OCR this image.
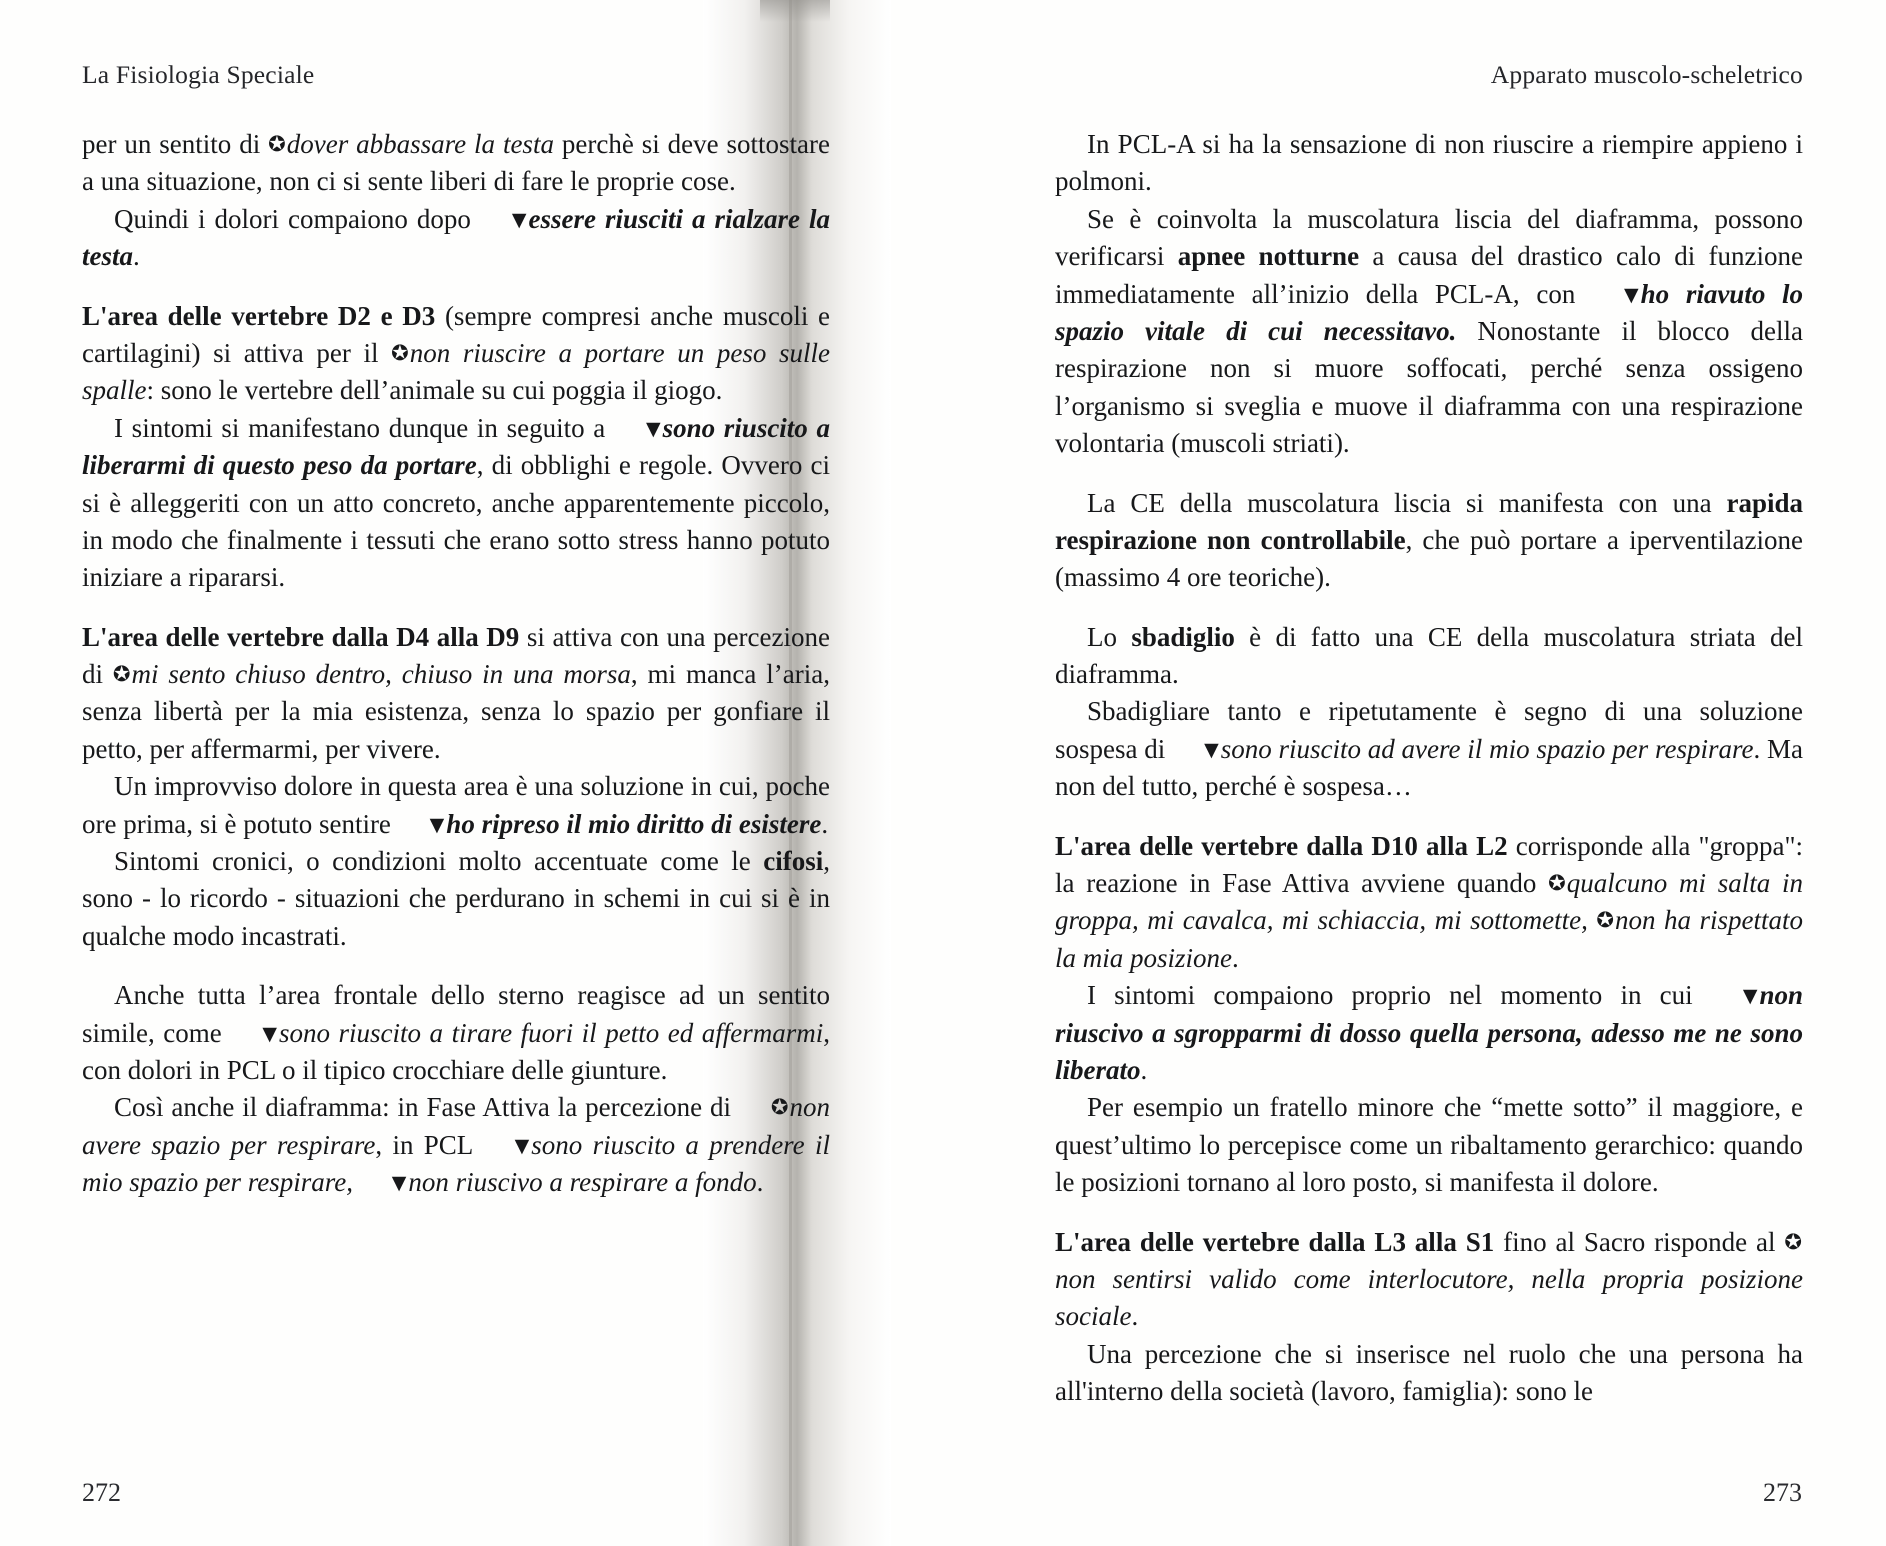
La Fisiologia Speciale

per un sentito di ✪dover abbassare la testa perchè si deve sottostare a una situazione, non ci si sente liberi di fare le proprie cose.

Quindi i dolori compaiono dopo ▼essere riusciti a rialzare la testa.

L'area delle vertebre D2 e D3 (sempre compresi anche muscoli e cartilagini) si attiva per il ✪non riuscire a portare un peso sulle spalle: sono le vertebre dell’animale su cui poggia il giogo.

I sintomi si manifestano dunque in seguito a ▼sono riuscito a liberarmi di questo peso da portare, di obblighi e regole. Ovvero ci si è alleggeriti con un atto concreto, anche apparentemente piccolo, in modo che finalmente i tessuti che erano sotto stress hanno potuto iniziare a ripararsi.

L'area delle vertebre dalla D4 alla D9 si attiva con una percezione di ✪mi sento chiuso dentro, chiuso in una morsa, mi manca l’aria, senza libertà per la mia esistenza, senza lo spazio per gonfiare il petto, per affermarmi, per vivere.

Un improvviso dolore in questa area è una soluzione in cui, poche ore prima, si è potuto sentire ▼ho ripreso il mio diritto di esistere.

Sintomi cronici, o condizioni molto accentuate come le cifosi, sono - lo ricordo - situazioni che perdurano in schemi in cui si è in qualche modo incastrati.

Anche tutta l’area frontale dello sterno reagisce ad un sentito simile, come ▼sono riuscito a tirare fuori il petto ed affermarmi, con dolori in PCL o il tipico crocchiare delle giunture.

Così anche il diaframma: in Fase Attiva la percezione di ✪non avere spazio per respirare, in PCL ▼sono riuscito a prendere il mio spazio per respirare, ▼non riuscivo a respirare a fondo.

272
Apparato muscolo-scheletrico

In PCL-A si ha la sensazione di non riuscire a riempire appieno i polmoni.

Se è coinvolta la muscolatura liscia del diaframma, possono verificarsi apnee notturne a causa del drastico calo di funzione immediatamente all’inizio della PCL-A, con ▼ho riavuto lo spazio vitale di cui necessitavo. Nonostante il blocco della respirazione non si muore soffocati, perché senza ossigeno l’organismo si sveglia e muove il diaframma con una respirazione volontaria (muscoli striati).

La CE della muscolatura liscia si manifesta con una rapida respirazione non controllabile, che può portare a iperventilazione (massimo 4 ore teoriche).

Lo sbadiglio è di fatto una CE della muscolatura striata del diaframma.

Sbadigliare tanto e ripetutamente è segno di una soluzione sospesa di ▼sono riuscito ad avere il mio spazio per respirare. Ma non del tutto, perché è sospesa…

L'area delle vertebre dalla D10 alla L2 corrisponde alla "groppa": la reazione in Fase Attiva avviene quando ✪qualcuno mi salta in groppa, mi cavalca, mi schiaccia, mi sottomette, ✪non ha rispettato la mia posizione.

I sintomi compaiono proprio nel momento in cui ▼non riuscivo a sgropparmi di dosso quella persona, adesso me ne sono liberato.

Per esempio un fratello minore che “mette sotto” il maggiore, e quest’ultimo lo percepisce come un ribaltamento gerarchico: quando le posizioni tornano al loro posto, si manifesta il dolore.

L'area delle vertebre dalla L3 alla S1 fino al Sacro risponde al ✪non sentirsi valido come interlocutore, nella propria posizione sociale.

Una percezione che si inserisce nel ruolo che una persona ha all'interno della società (lavoro, famiglia): sono le

273
